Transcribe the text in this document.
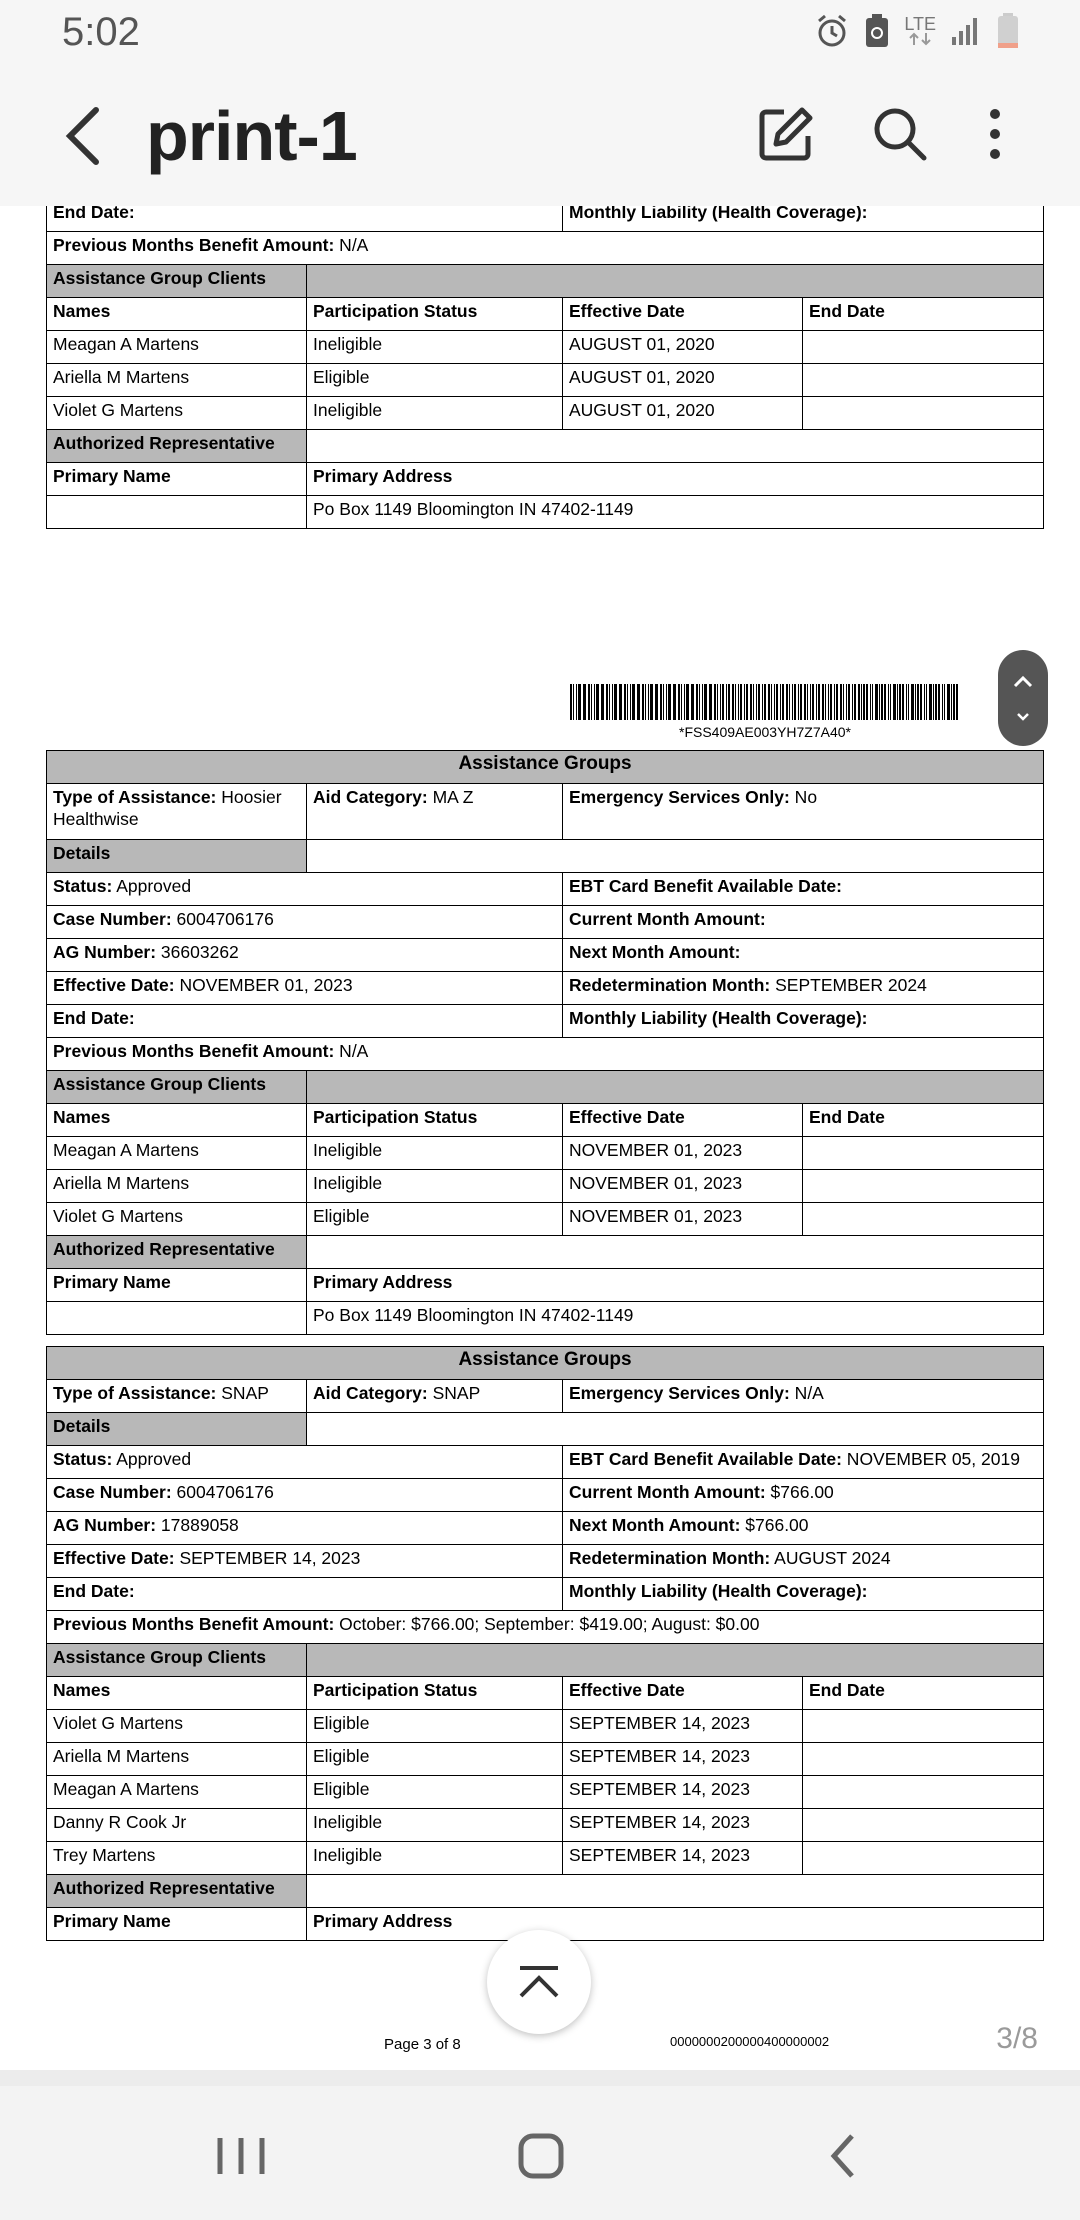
5:02	LTE
print-1
End Date:		Monthly Liability (Health Coverage):	
Previous Months Benefit Amount: N/A			
Assistance Group Clients			
Names	Participation Status	Effective Date	End Date
Meagan A Martens	Ineligible	AUGUST 01, 2020	
Ariella M Martens	Eligible	AUGUST 01, 2020	
Violet G Martens	Ineligible	AUGUST 01, 2020	
Authorized Representative			
Primary Name	Primary Address		
	Po Box 1149 Bloomington IN 47402-1149		
*FSS409AE003YH7Z7A40*
Assistance Groups			
Type of Assistance: Hoosier Healthwise	Aid Category: MA Z	Emergency Services Only: No	
Details			
Status: Approved		EBT Card Benefit Available Date:	
Case Number: 6004706176		Current Month Amount:	
AG Number: 36603262		Next Month Amount:	
Effective Date: NOVEMBER 01, 2023		Redetermination Month: SEPTEMBER 2024	
End Date:		Monthly Liability (Health Coverage):	
Previous Months Benefit Amount: N/A			
Assistance Group Clients			
Names	Participation Status	Effective Date	End Date
Meagan A Martens	Ineligible	NOVEMBER 01, 2023	
Ariella M Martens	Ineligible	NOVEMBER 01, 2023	
Violet G Martens	Eligible	NOVEMBER 01, 2023	
Authorized Representative			
Primary Name	Primary Address		
	Po Box 1149 Bloomington IN 47402-1149		
Assistance Groups			
Type of Assistance: SNAP	Aid Category: SNAP	Emergency Services Only: N/A	
Details			
Status: Approved		EBT Card Benefit Available Date: NOVEMBER 05, 2019	
Case Number: 6004706176		Current Month Amount: $766.00	
AG Number: 17889058		Next Month Amount: $766.00	
Effective Date: SEPTEMBER 14, 2023		Redetermination Month: AUGUST 2024	
End Date:		Monthly Liability (Health Coverage):	
Previous Months Benefit Amount: October: $766.00; September: $419.00; August: $0.00			
Assistance Group Clients			
Names	Participation Status	Effective Date	End Date
Violet G Martens	Eligible	SEPTEMBER 14, 2023	
Ariella M Martens	Eligible	SEPTEMBER 14, 2023	
Meagan A Martens	Eligible	SEPTEMBER 14, 2023	
Danny R Cook Jr	Ineligible	SEPTEMBER 14, 2023	
Trey Martens	Ineligible	SEPTEMBER 14, 2023	
Authorized Representative			
Primary Name	Primary Address		
Page 3 of 8	0000000200000400000002	3/8
